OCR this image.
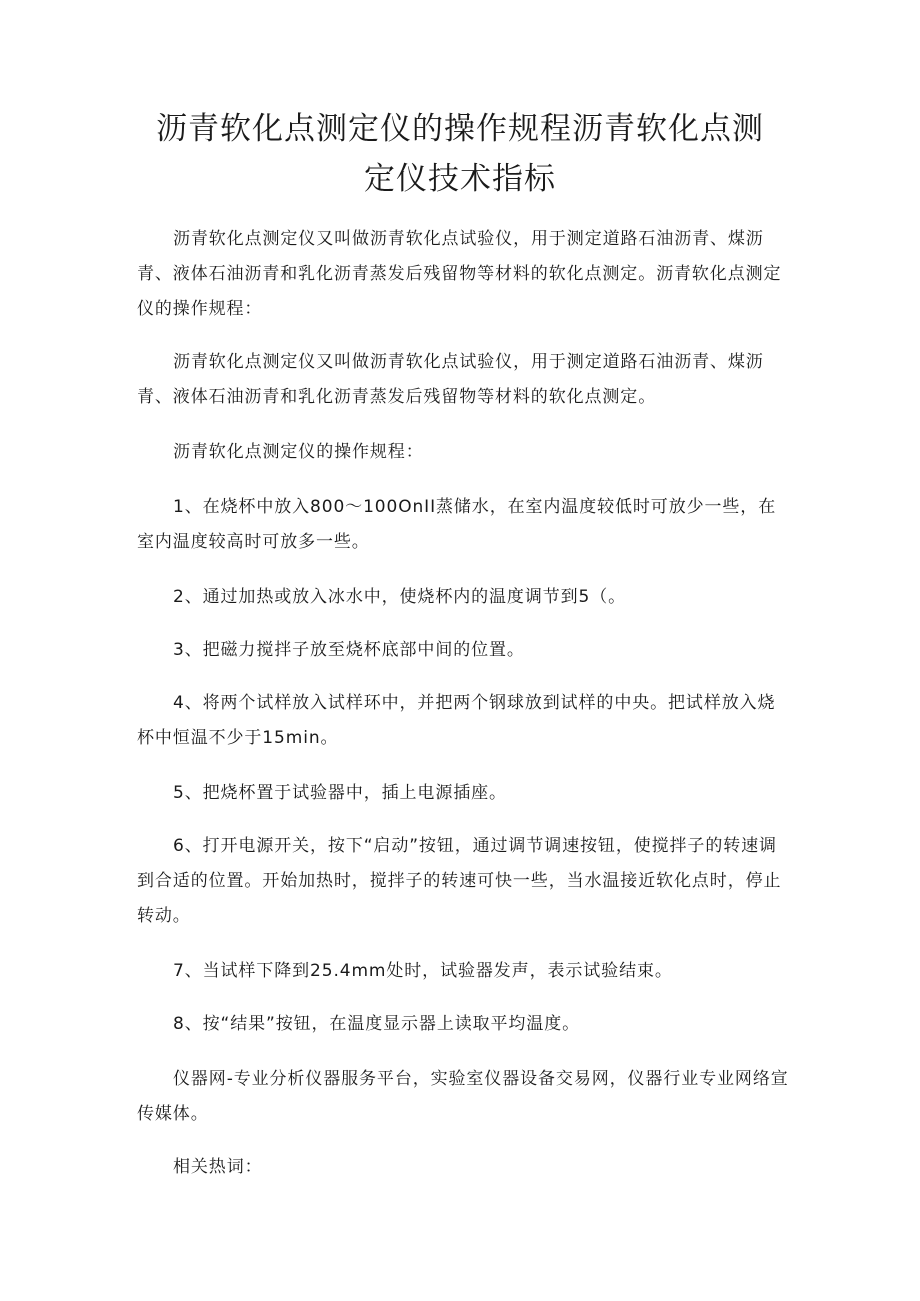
沥青软化点测定仪的操作规程沥青软化点测
定仪技术指标

沥青软化点测定仪又叫做沥青软化点试验仪，用于测定道路石油沥青、煤沥青、液体石油沥青和乳化沥青蒸发后残留物等材料的软化点测定。沥青软化点测定仪的操作规程：

沥青软化点测定仪又叫做沥青软化点试验仪，用于测定道路石油沥青、煤沥青、液体石油沥青和乳化沥青蒸发后残留物等材料的软化点测定。

沥青软化点测定仪的操作规程：

1、在烧杯中放入800〜100OnII蒸储水，在室内温度较低时可放少一些，在室内温度较高时可放多一些。

2、通过加热或放入冰水中，使烧杯内的温度调节到5（。

3、把磁力搅拌子放至烧杯底部中间的位置。

4、将两个试样放入试样环中，并把两个钢球放到试样的中央。把试样放入烧杯中恒温不少于15min。

5、把烧杯置于试验器中，插上电源插座。

6、打开电源开关，按下“启动”按钮，通过调节调速按钮，使搅拌子的转速调到合适的位置。开始加热时，搅拌子的转速可快一些，当水温接近软化点时，停止转动。

7、当试样下降到25.4mm处时，试验器发声，表示试验结束。

8、按“结果”按钮，在温度显示器上读取平均温度。

仪器网-专业分析仪器服务平台，实验室仪器设备交易网，仪器行业专业网络宣传媒体。

相关热词：
